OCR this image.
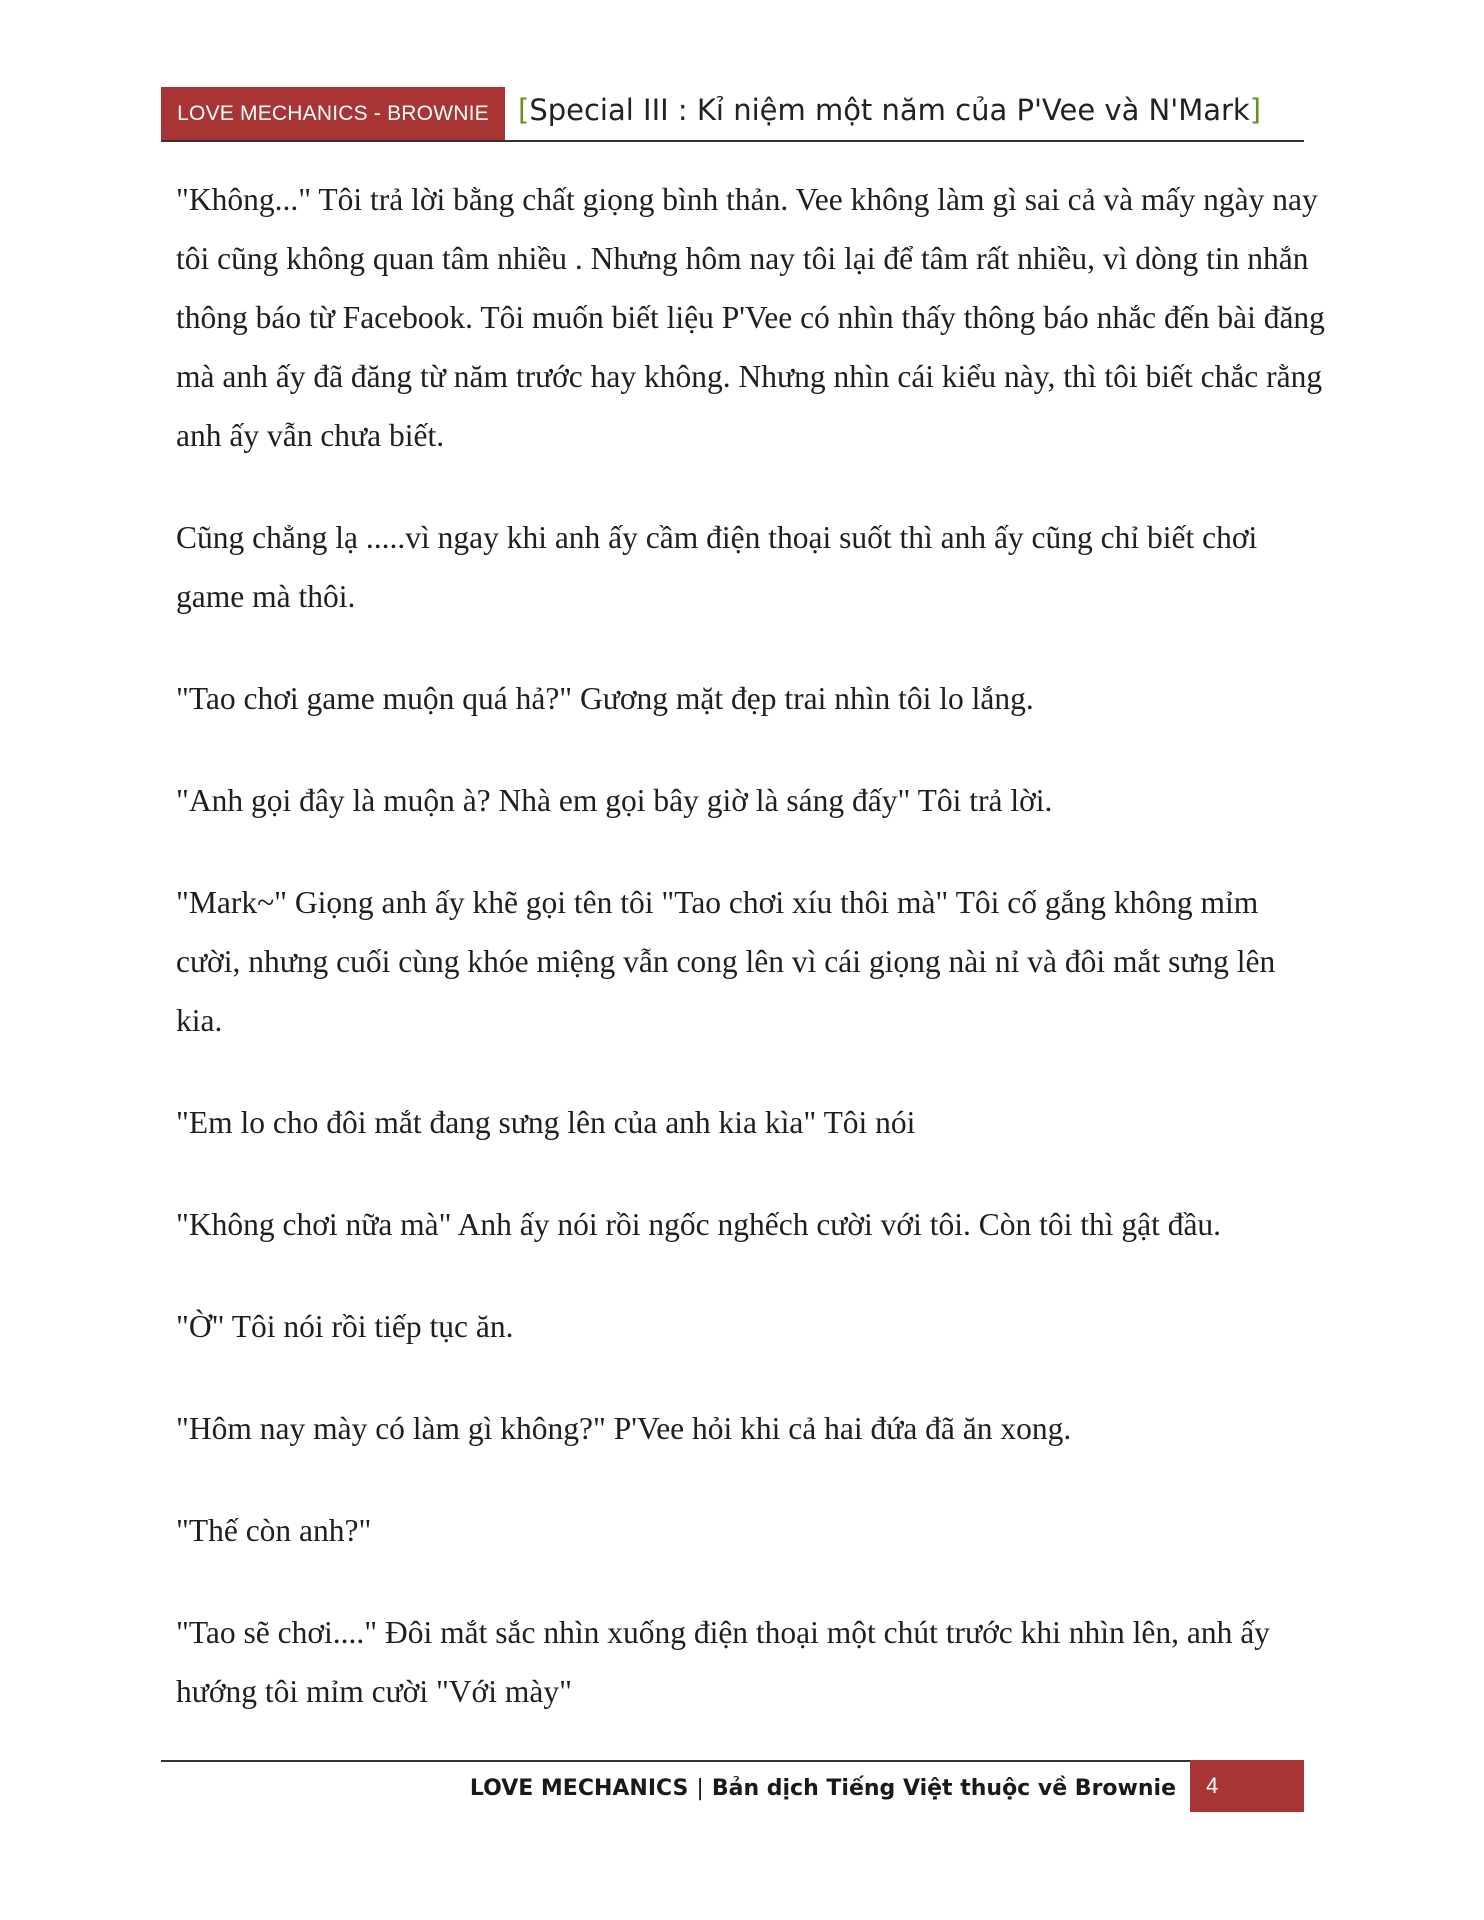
LOVE MECHANICS - BROWNIE	[Special III : Kỉ niệm một năm của P'Vee và N'Mark]

"Không..." Tôi trả lời bằng chất giọng bình thản. Vee không làm gì sai cả và mấy ngày nay tôi cũng không quan tâm nhiều . Nhưng hôm nay tôi lại để tâm rất nhiều, vì dòng tin nhắn thông báo từ Facebook. Tôi muốn biết liệu P'Vee có nhìn thấy thông báo nhắc đến bài đăng mà anh ấy đã đăng từ năm trước hay không. Nhưng nhìn cái kiểu này, thì tôi biết chắc rằng anh ấy vẫn chưa biết.

Cũng chẳng lạ .....vì ngay khi anh ấy cầm điện thoại suốt thì anh ấy cũng chỉ biết chơi game mà thôi.

"Tao chơi game muộn quá hả?" Gương mặt đẹp trai nhìn tôi lo lắng.

"Anh gọi đây là muộn à? Nhà em gọi bây giờ là sáng đấy" Tôi trả lời.

"Mark~" Giọng anh ấy khẽ gọi tên tôi "Tao chơi xíu thôi mà" Tôi cố gắng không mỉm cười, nhưng cuối cùng khóe miệng vẫn cong lên vì cái giọng nài nỉ và đôi mắt sưng lên kia.

"Em lo cho đôi mắt đang sưng lên của anh kia kìa" Tôi nói

"Không chơi nữa mà" Anh ấy nói rồi ngốc nghếch cười với tôi. Còn tôi thì gật đầu.

"Ờ" Tôi nói rồi tiếp tục ăn.

"Hôm nay mày có làm gì không?" P'Vee hỏi khi cả hai đứa đã ăn xong.

"Thế còn anh?"

"Tao sẽ chơi...." Đôi mắt sắc nhìn xuống điện thoại một chút trước khi nhìn lên, anh ấy hướng tôi mỉm cười "Với mày"

LOVE MECHANICS | Bản dịch Tiếng Việt thuộc về Brownie	4
